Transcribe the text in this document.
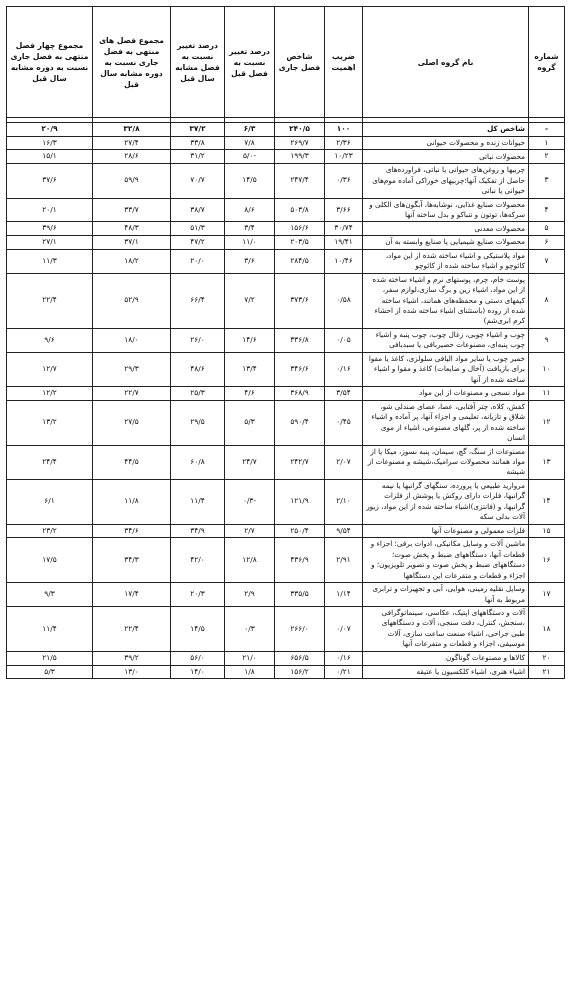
شماره گروه	نام گروه اصلی	ضریب اهمیت	شاخص فصل جاری	درصد تغییر نسبت به فصل قبل	درصد تغییر نسبت به فصل مشابه سال قبل	مجموع فصل های منتهی به فصل جاری نسبت به دوره مشابه سال قبل	مجموع چهار فصل منتهی به فصل جاری نسبت به دوره مشابه سال قبل

-	شاخص کل	۱۰۰	۲۴۰/۵	۶/۳	۳۷/۲	۳۲/۸	۲۰/۹
۱	حیوانات زنده و محصولات حیوانی	۲/۳۶	۲۶۹/۷	۷/۸	۳۳/۸	۲۷/۴	۱۶/۳
۲	محصولات نباتی	۱۰/۲۳	۱۹۹/۳	۵/۰-	۳۱/۲	۲۸/۶	۱۵/۱
۳	چربیها و روغن‌های حیوانی یا نباتی، فراورده‌های حاصل از تفکیک آنها؛چربیهای خوراکی آماده موم‌های حیوانی یا نباتی	۰/۳۶	۲۴۷/۴	۱۴/۵	۷۰/۷	۵۹/۹	۳۷/۶
۴	محصولات صنایع غذایی، نوشابه‌ها، آبگون‌های الکلی و سرکه‌ها، توتون و تنباکو و بدل ساخته آنها	۳/۶۶	۵۰۳/۸	۸/۶	۳۸/۷	۳۳/۷	۲۰/۱
۵	محصولات معدنی	۳۰/۷۴	۱۵۶/۶	۳/۴	۵۱/۳	۴۸/۳	۳۹/۶
۶	محصولات صنایع شیمیایی یا صنایع وابسته به آن	۱۹/۴۱	۲۰۳/۵	۱۱/۰	۴۷/۲	۳۷/۱	۲۷/۱
۷	مواد پلاستیکی و اشیاء ساخته شده از این مواد، کائوچو و اشیاء ساخته شده از کائوچو	۱۰/۴۶	۲۸۴/۵	۳/۶	۲۰/۰	۱۸/۲	۱۱/۳
۸	پوست خام، چرم، پوستهای نرم و اشیاء ساخته شده از این مواد، اشیاء زین و برگ سازی،لوازم سفر، کیفهای دستی و محفظه‌های همانند، اشیاء ساخته شده از روده (باستثنای اشیاء ساخته شده از احشاء کرم ابری‌شم)	۰/۵۸	۳۷۳/۶	۷/۲	۶۶/۴	۵۲/۹	۲۲/۴
۹	چوب و اشیاء چوبی، زغال چوب، چوب پنبه و اشیاء چوب پنبه‌ای، مصنوعات حصیربافی یا سبدبافی	۰/۰۵	۳۳۶/۸	۱۴/۶	۲۶/۰	۱۸/۰	۹/۶
۱۰	خمیر چوب یا سایر مواد الیافی سلولزی، کاغذ یا مقوا برای بازیافت (آخال و ضایعات) کاغذ و مقوا و اشیاء ساخته شده از آنها	۰/۱۶	۳۴۶/۶	۱۳/۴	۴۸/۶	۲۹/۳	۱۲/۷
۱۱	مواد نسجی و مصنوعات از این مواد	۳/۵۴	۳۶۸/۹	۴/۶	۲۵/۳	۲۲/۷	۱۲/۲
۱۲	کفش، کلاه، چتر آفتابی، عصا، عصای صندلی شو، شلاق و تازیانه، تعلیمی و اجزاء آنها، پر آماده و اشیاء ساخته شده از پر، گلهای مصنوعی، اشیاء از موی انسان	۰/۴۵	۵۹۰/۴	۵/۳	۲۹/۵	۲۷/۵	۱۳/۲
۱۳	مصنوعات از سنگ، گچ، سیمان، پنبه نسوز، میکا یا از مواد همانند محصولات سرامیک،شیشه و مصنوعات از شیشه	۲/۰۷	۲۴۲/۷	۲۴/۷	۶۰/۸	۴۴/۵	۲۴/۴
۱۴	مرواريد طبيعي يا پرورده، سنگهای گرانبها یا نیمه گرانبها، فلزات دارای روکش یا پوشش از فلزات گرانبها، و (فانتزی)اشیاء ساخته شده از این مواد، زیور آلات بدلی سکه	۲/۱۰	۱۲۱/۹	۰/۳-	۱۱/۴	۱۱/۸	۶/۱
۱۵	فلزات معمولی و مصنوعات آنها	۹/۵۴	۲۵۰/۴	۲/۷	۳۴/۹	۳۴/۶	۲۳/۲
۱۶	ماشین آلات و وسایل مکانیکی، ادوات برقی؛ اجزاء و قطعات آنها، دستگاههای ضبط و پخش صوت؛ دستگاههای ضبط و پخش صوت و تصویر تلویزیون؛ و اجزاء و قطعات و متفرعات این دستگاهها	۲/۹۱	۴۳۶/۹	۱۲/۸	۴۲/۰	۳۴/۳	۱۷/۵
۱۷	وسایل نقلیه زمینی، هوایی، آبی و تجهیزات و ترابری مربوط به آنها	۱/۱۴	۳۳۵/۵	۲/۹	۲۰/۳	۱۷/۴	۹/۳
۱۸	آلات و دستگاههای اپتیک، عکاسی، سینماتوگرافی ،سنجش، کنترل، دقت سنجی، آلات و دستگاههای طبی جراحی، اشیاء صنعت ساعت سازی، آلات موسیقی، اجزاء و قطعات و متفرعات آنها	۰/۰۷	۲۶۶/۰	۰/۳	۱۴/۵	۲۲/۴	۱۱/۴
۲۰	کالاها و مصنوعات گوناگون	۰/۱۶	۶۵۶/۵	۲۱/۰	۵۶/۰	۳۹/۲	۲۱/۵
۲۱	اشیاء هنری، اشیاء کلکسیون یا عتیقه	۰/۲۱	۱۵۶/۲	۱/۸	۱۴/۰	۱۳/۰	۵/۳
